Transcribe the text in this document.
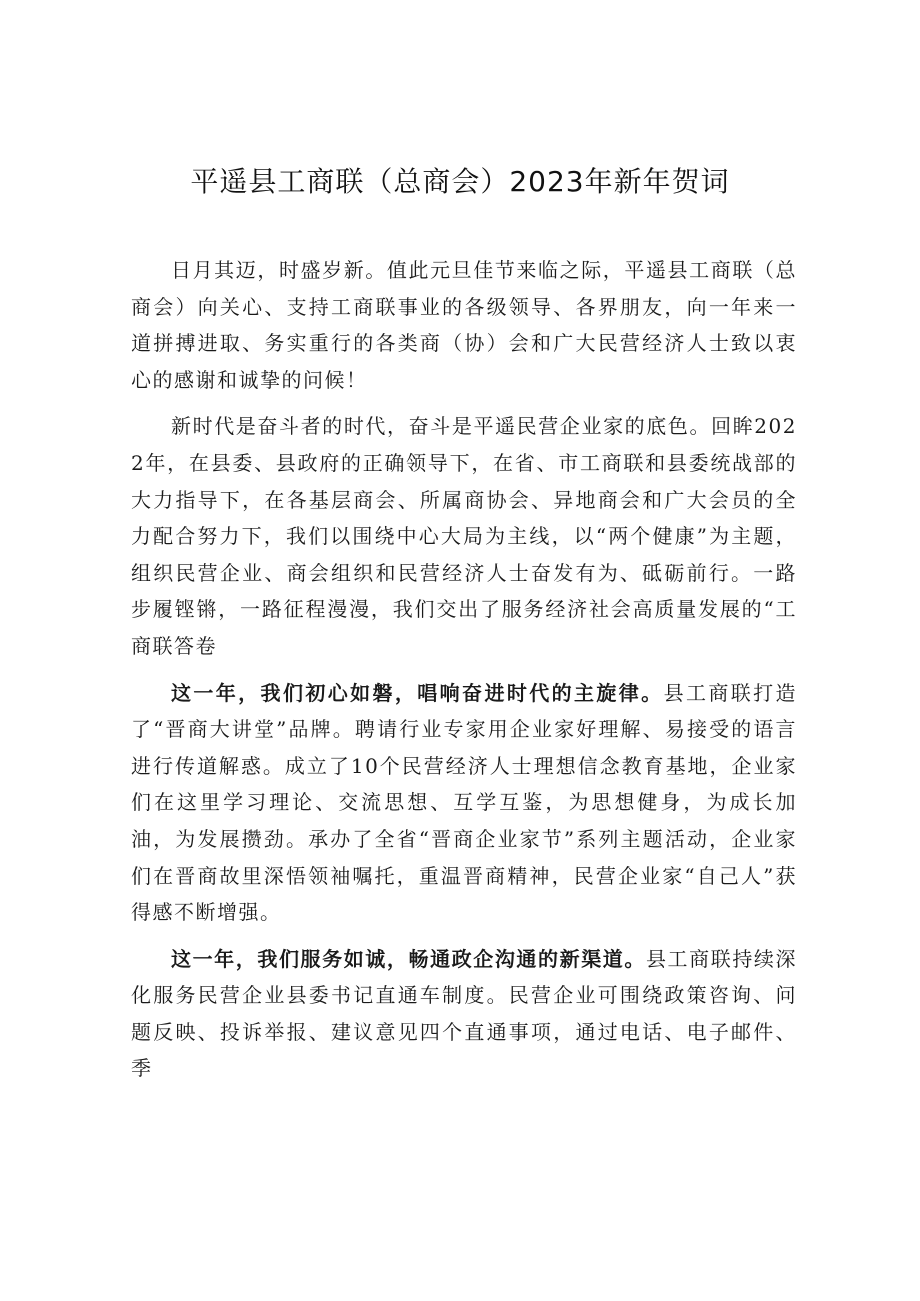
平遥县工商联（总商会）2023年新年贺词

日月其迈，时盛岁新。值此元旦佳节来临之际，平遥县工商联（总商会）向关心、支持工商联事业的各级领导、各界朋友，向一年来一道拼搏进取、务实重行的各类商（协）会和广大民营经济人士致以衷心的感谢和诚挚的问候！

新时代是奋斗者的时代，奋斗是平遥民营企业家的底色。回眸2022年，在县委、县政府的正确领导下，在省、市工商联和县委统战部的大力指导下，在各基层商会、所属商协会、异地商会和广大会员的全力配合努力下，我们以围绕中心大局为主线，以“两个健康”为主题，组织民营企业、商会组织和民营经济人士奋发有为、砥砺前行。一路步履铿锵，一路征程漫漫，我们交出了服务经济社会高质量发展的“工商联答卷

这一年，我们初心如磐，唱响奋进时代的主旋律。县工商联打造了“晋商大讲堂”品牌。聘请行业专家用企业家好理解、易接受的语言进行传道解惑。成立了10个民营经济人士理想信念教育基地，企业家们在这里学习理论、交流思想、互学互鉴，为思想健身，为成长加油，为发展攒劲。承办了全省“晋商企业家节”系列主题活动，企业家们在晋商故里深悟领袖嘱托，重温晋商精神，民营企业家“自己人”获得感不断增强。

这一年，我们服务如诚，畅通政企沟通的新渠道。县工商联持续深化服务民营企业县委书记直通车制度。民营企业可围绕政策咨询、问题反映、投诉举报、建议意见四个直通事项，通过电话、电子邮件、季
